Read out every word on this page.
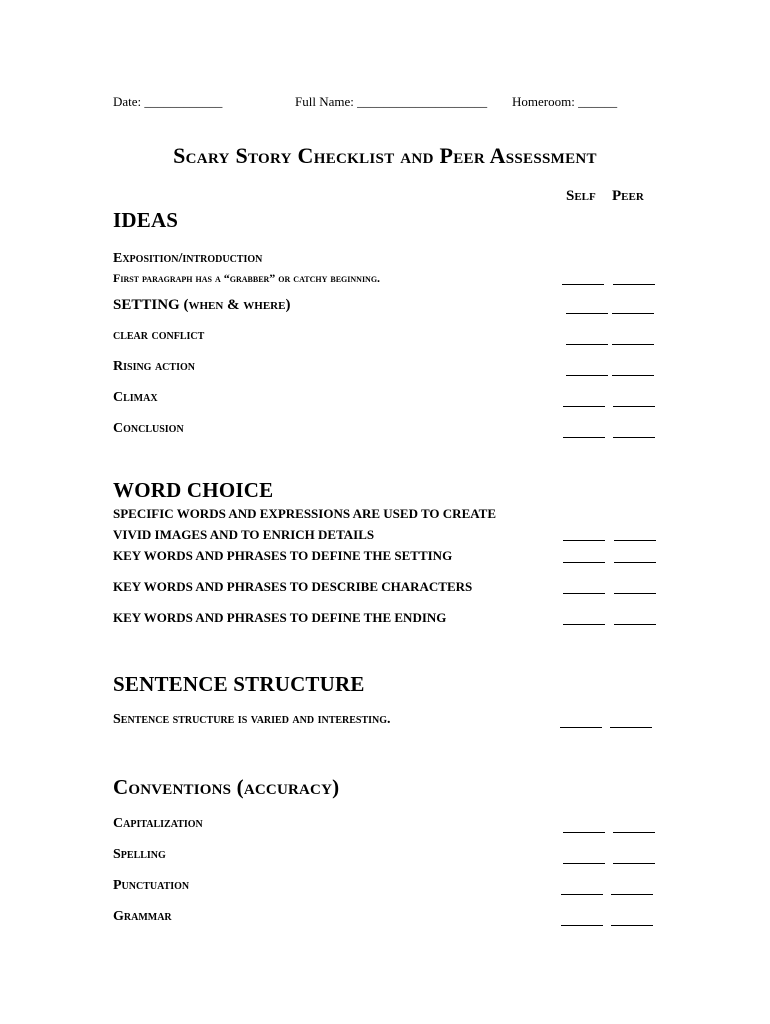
Date: ____________	Full Name: ____________________ Homeroom: ______
Scary Story Checklist and Peer Assessment
Self Peer
IDEAS
Exposition/introduction
First paragraph has a “grabber” or catchy beginning.
SETTING (when & where)
clear conflict
Rising action
Climax
Conclusion
WORD CHOICE
SPECIFIC WORDS AND EXPRESSIONS ARE USED TO CREATE
VIVID IMAGES AND TO ENRICH DETAILS
KEY WORDS AND PHRASES TO DEFINE THE SETTING
KEY WORDS AND PHRASES TO DESCRIBE CHARACTERS
KEY WORDS AND PHRASES TO DEFINE THE ENDING
SENTENCE STRUCTURE
Sentence structure is varied and interesting.
Conventions (accuracy)
Capitalization
Spelling
Punctuation
Grammar
